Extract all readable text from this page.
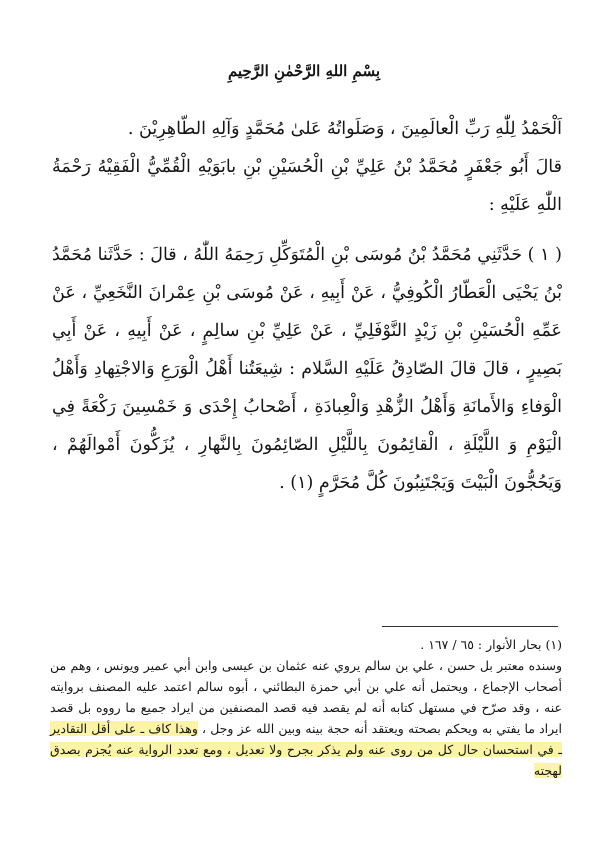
بِسْمِ اللهِ الرَّحْمٰنِ الرَّحِيمِ

اَلْحَمْدُ لِلّٰهِ رَبِّ الْعالَمِينَ ، وَصَلَواتُهُ عَلىٰ مُحَمَّدٍ وَآلِهِ الطّاهِرِيْنَ .

قالَ أَبُو جَعْفَرٍ مُحَمَّدُ بْنُ عَلِيِّ بْنِ الْحُسَيْنِ بْنِ بابَوَيْهِ الْقُمِّيُّ الْفَقِيْهُ رَحْمَةُ اللّٰهِ عَلَيْهِ :

( ١ ) حَدَّثَنِي مُحَمَّدُ بْنُ مُوسَى بْنِ الْمُتَوَكِّلِ رَحِمَهُ اللّٰهُ ، قالَ : حَدَّثَنا مُحَمَّدُ بْنُ يَحْيَى الْعَطّارُ الْكُوفِيُّ ، عَنْ أَبِيهِ ، عَنْ مُوسَى بْنِ عِمْرانَ النَّخَعِيِّ ، عَنْ عَمِّهِ الْحُسَيْنِ بْنِ زَيْدٍ النَّوْفَلِيِّ ، عَنْ عَلِيِّ بْنِ سالِمٍ ، عَنْ أَبِيهِ ، عَنْ أَبِي بَصِيرٍ ، قالَ قالَ الصّادِقُ عَلَيْهِ السَّلام : شِيعَتُنا أَهْلُ الْوَرَعِ وَالاجْتِهادِ وَأَهْلُ الْوَفاءِ وَالأَمانَةِ وَأَهْلُ الزُّهْدِ وَالْعِبادَةِ ، أَصْحابُ إِحْدَى وَ خَمْسِينَ رَكْعَةً فِي الْيَوْمِ وَ اللَّيْلَةِ ، الْقائِمُونَ بِاللَّيْلِ الصّائِمُونَ بِالنَّهارِ ، يُزَكُّونَ أَمْوالَهُمْ ، وَيَحُجُّونَ الْبَيْتَ وَيَجْتَنِبُونَ كُلَّ مُحَرَّمٍ (١) .

(١) بحار الأنوار : ٦٥ / ١٦٧ .

وسنده معتبر بل حسن ، علي بن سالم يروي عنه عثمان بن عيسى وابن أبي عمير ويونس ، وهم من أصحاب الإجماع ، ويحتمل أنه علي بن أبي حمزة البطائني ، أبوه سالم اعتمد عليه المصنف بروايته عنه ، وقد صرّح في مستهل كتابه أنه لم يقصد فيه قصد المصنفين من ايراد جميع ما رووه بل قصد ايراد ما يفتي به ويحكم بصحته ويعتقد أنه حجة بينه وبين الله عز وجل ، وهذا كاف ـ على أقل التقادير ـ في استحسان حال كل من روى عنه ولم يذكر بجرح ولا تعديل ، ومع تعدد الرواية عنه يُجزم بصدق لهجته
